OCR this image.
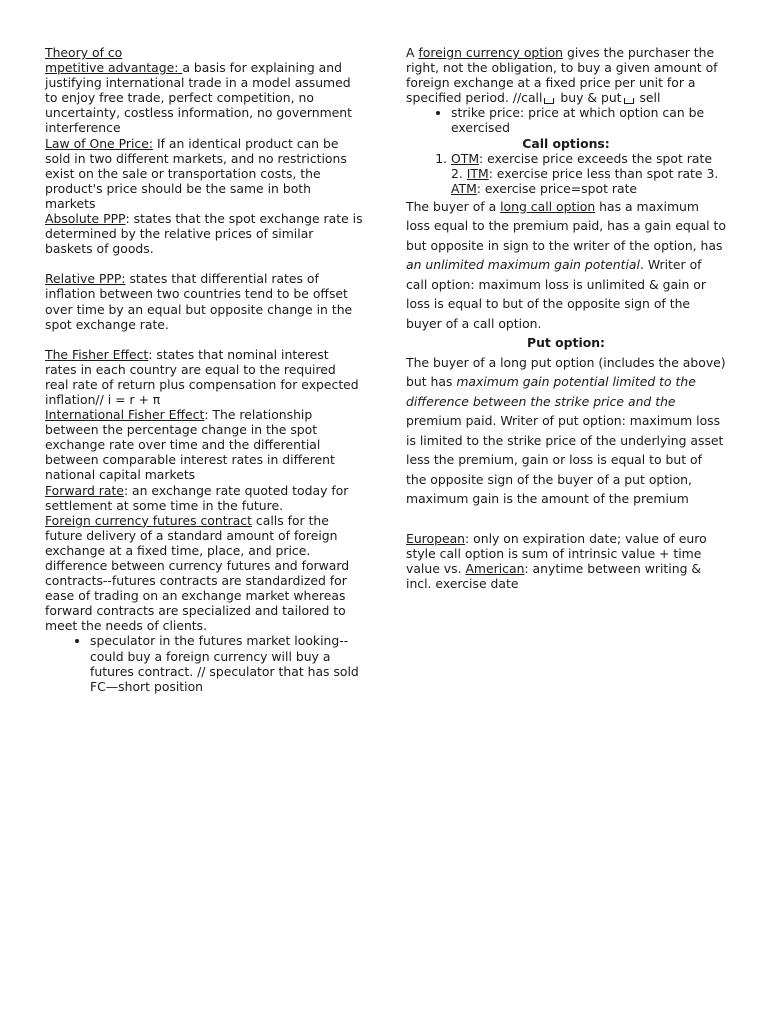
Theory of co
mpetitive advantage: a basis for explaining and justifying international trade in a model assumed to enjoy free trade, perfect competition, no uncertainty, costless information, no government interference

Law of One Price: If an identical product can be sold in two different markets, and no restrictions exist on the sale or transportation costs, the product's price should be the same in both markets

Absolute PPP: states that the spot exchange rate is determined by the relative prices of similar baskets of goods.

Relative PPP: states that differential rates of inflation between two countries tend to be offset over time by an equal but opposite change in the spot exchange rate.

The Fisher Effect: states that nominal interest rates in each country are equal to the required real rate of return plus compensation for expected inflation// i = r + π

International Fisher Effect: The relationship between the percentage change in the spot exchange rate over time and the differential between comparable interest rates in different national capital markets

Forward rate: an exchange rate quoted today for settlement at some time in the future.

Foreign currency futures contract calls for the future delivery of a standard amount of foreign exchange at a fixed time, place, and price.

difference between currency futures and forward contracts--futures contracts are standardized for ease of trading on an exchange market whereas forward contracts are specialized and tailored to meet the needs of clients.

• speculator in the futures market looking--could buy a foreign currency will buy a futures contract. // speculator that has sold FC—short position

A foreign currency option gives the purchaser the right, not the obligation, to buy a given amount of foreign exchange at a fixed price per unit for a specified period. //call buy & put sell

• strike price: price at which option can be exercised

Call options:

1. OTM: exercise price exceeds the spot rate 2. ITM: exercise price less than spot rate 3. ATM: exercise price=spot rate

The buyer of a long call option has a maximum loss equal to the premium paid, has a gain equal to but opposite in sign to the writer of the option, has an unlimited maximum gain potential. Writer of call option: maximum loss is unlimited & gain or loss is equal to but of the opposite sign of the buyer of a call option.

Put option:

The buyer of a long put option (includes the above) but has maximum gain potential limited to the difference between the strike price and the premium paid. Writer of put option: maximum loss is limited to the strike price of the underlying asset less the premium, gain or loss is equal to but of the opposite sign of the buyer of a put option, maximum gain is the amount of the premium

European: only on expiration date; value of euro style call option is sum of intrinsic value + time value vs. American: anytime between writing & incl. exercise date
